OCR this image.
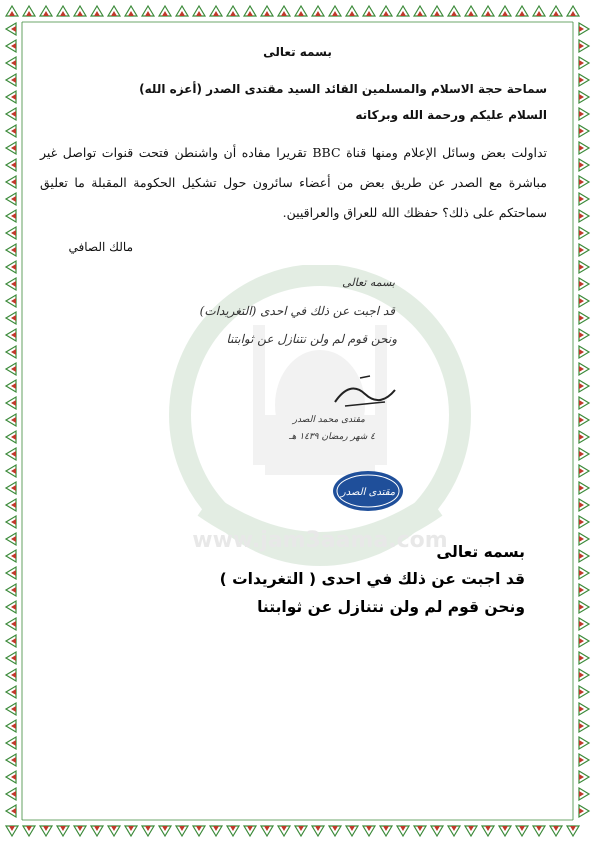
www.jam3aama.com
بسمه تعالى
سماحة حجة الاسلام والمسلمين القائد السيد مقتدى الصدر (أعزه الله)
السلام عليكم ورحمة الله وبركاته
تداولت بعض وسائل الإعلام ومنها قناة BBC تقريرا مفاده أن واشنطن فتحت قنوات تواصل غير مباشرة مع الصدر عن طريق بعض من أعضاء سائرون حول تشكيل الحكومة المقبلة ما تعليق سماحتكم على ذلك؟ حفظك الله للعراق والعراقيين.
مالك الصافي
بسمه تعالى
قد اجبت عن ذلك في احدى (التغريدات)
ونحن قوم لم ولن نتنازل عن ثوابتنا
مقتدى محمد الصدر
٤ شهر رمضان ١٤٣٩ هـ
مقتدى الصدر
بسمه تعالى
قد اجبت عن ذلك في احدى ( التغريدات )
ونحن قوم لم ولن نتنازل عن ثوابتنا
